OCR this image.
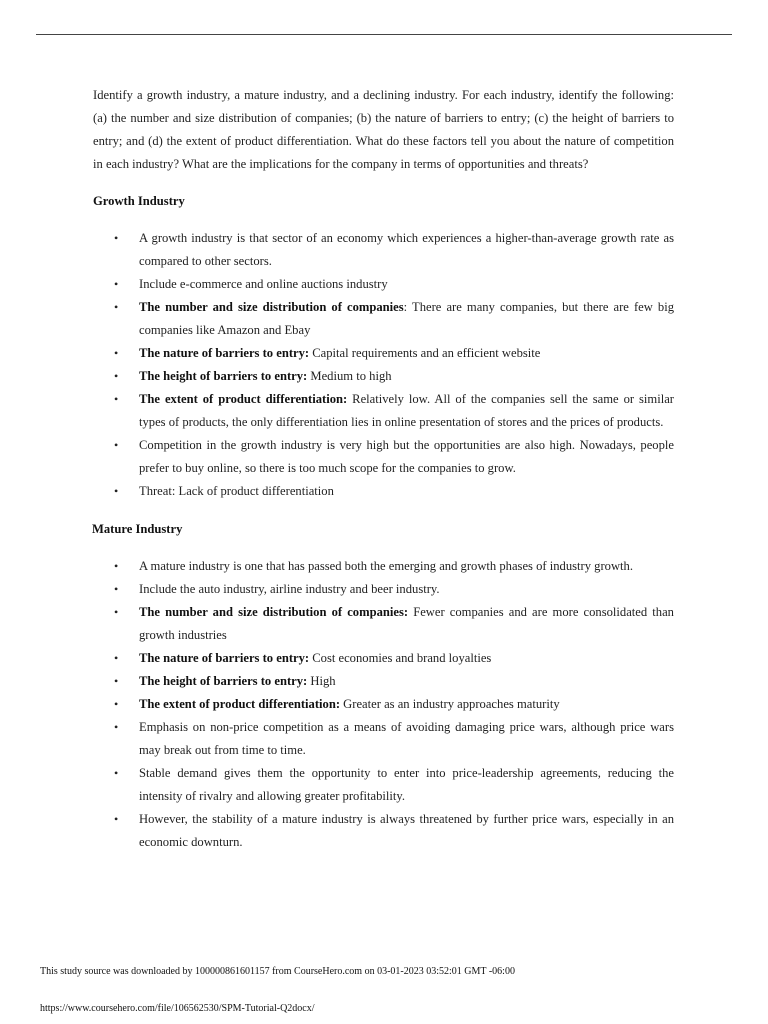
Identify a growth industry, a mature industry, and a declining industry. For each industry, identify the following: (a) the number and size distribution of companies; (b) the nature of barriers to entry; (c) the height of barriers to entry; and (d) the extent of product differentiation. What do these factors tell you about the nature of competition in each industry? What are the implications for the company in terms of opportunities and threats?

Growth Industry
• A growth industry is that sector of an economy which experiences a higher-than-average growth rate as compared to other sectors.
• Include e-commerce and online auctions industry
• The number and size distribution of companies: There are many companies, but there are few big companies like Amazon and Ebay
• The nature of barriers to entry: Capital requirements and an efficient website
• The height of barriers to entry: Medium to high
• The extent of product differentiation: Relatively low. All of the companies sell the same or similar types of products, the only differentiation lies in online presentation of stores and the prices of products.
• Competition in the growth industry is very high but the opportunities are also high. Nowadays, people prefer to buy online, so there is too much scope for the companies to grow.
• Threat: Lack of product differentiation
Mature Industry
• A mature industry is one that has passed both the emerging and growth phases of industry growth.
• Include the auto industry, airline industry and beer industry.
• The number and size distribution of companies: Fewer companies and are more consolidated than growth industries
• The nature of barriers to entry: Cost economies and brand loyalties
• The height of barriers to entry: High
• The extent of product differentiation: Greater as an industry approaches maturity
• Emphasis on non-price competition as a means of avoiding damaging price wars, although price wars may break out from time to time.
• Stable demand gives them the opportunity to enter into price-leadership agreements, reducing the intensity of rivalry and allowing greater profitability.
• However, the stability of a mature industry is always threatened by further price wars, especially in an economic downturn.
This study source was downloaded by 100000861601157 from CourseHero.com on 03-01-2023 03:52:01 GMT -06:00
https://www.coursehero.com/file/106562530/SPM-Tutorial-Q2docx/
